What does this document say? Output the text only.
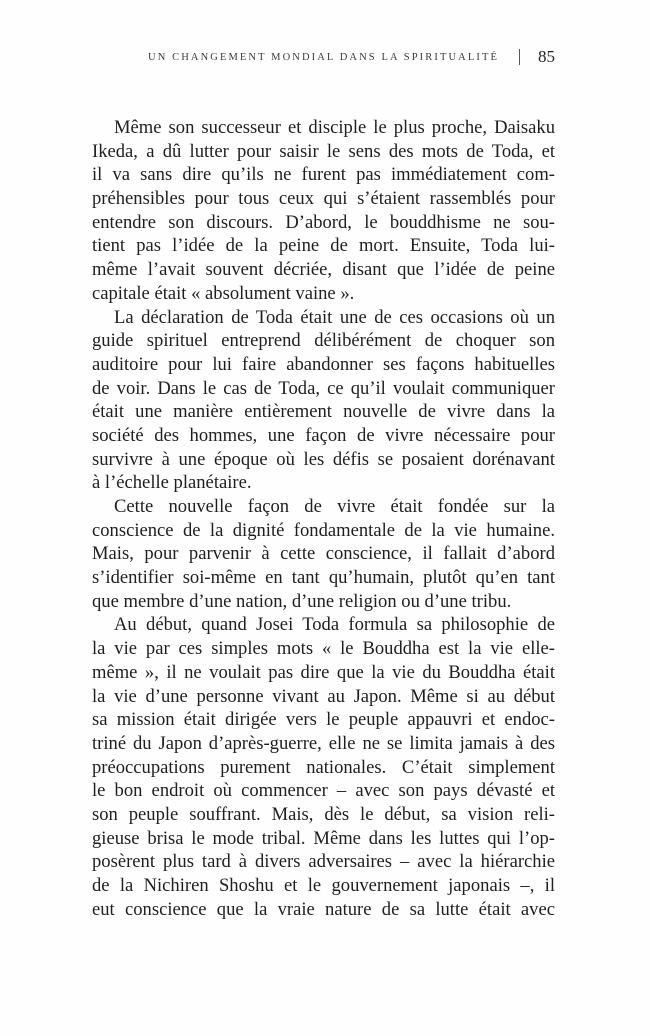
UN CHANGEMENT MONDIAL DANS LA SPIRITUALITÉ 85
Même son successeur et disciple le plus proche, Daisaku
Ikeda, a dû lutter pour saisir le sens des mots de Toda, et
il va sans dire qu’ils ne furent pas immédiatement com-
préhensibles pour tous ceux qui s’étaient rassemblés pour
entendre son discours. D’abord, le bouddhisme ne sou-
tient pas l’idée de la peine de mort. Ensuite, Toda lui-
même l’avait souvent décriée, disant que l’idée de peine
capitale était « absolument vaine ».
La déclaration de Toda était une de ces occasions où un
guide spirituel entreprend délibérément de choquer son
auditoire pour lui faire abandonner ses façons habituelles
de voir. Dans le cas de Toda, ce qu’il voulait communiquer
était une manière entièrement nouvelle de vivre dans la
société des hommes, une façon de vivre nécessaire pour
survivre à une époque où les défis se posaient dorénavant
à l’échelle planétaire.
Cette nouvelle façon de vivre était fondée sur la
conscience de la dignité fondamentale de la vie humaine.
Mais, pour parvenir à cette conscience, il fallait d’abord
s’identifier soi-même en tant qu’humain, plutôt qu’en tant
que membre d’une nation, d’une religion ou d’une tribu.
Au début, quand Josei Toda formula sa philosophie de
la vie par ces simples mots « le Bouddha est la vie elle-
même », il ne voulait pas dire que la vie du Bouddha était
la vie d’une personne vivant au Japon. Même si au début
sa mission était dirigée vers le peuple appauvri et endoc-
triné du Japon d’après-guerre, elle ne se limita jamais à des
préoccupations purement nationales. C’était simplement
le bon endroit où commencer – avec son pays dévasté et
son peuple souffrant. Mais, dès le début, sa vision reli-
gieuse brisa le mode tribal. Même dans les luttes qui l’op-
posèrent plus tard à divers adversaires – avec la hiérarchie
de la Nichiren Shoshu et le gouvernement japonais –, il
eut conscience que la vraie nature de sa lutte était avec
